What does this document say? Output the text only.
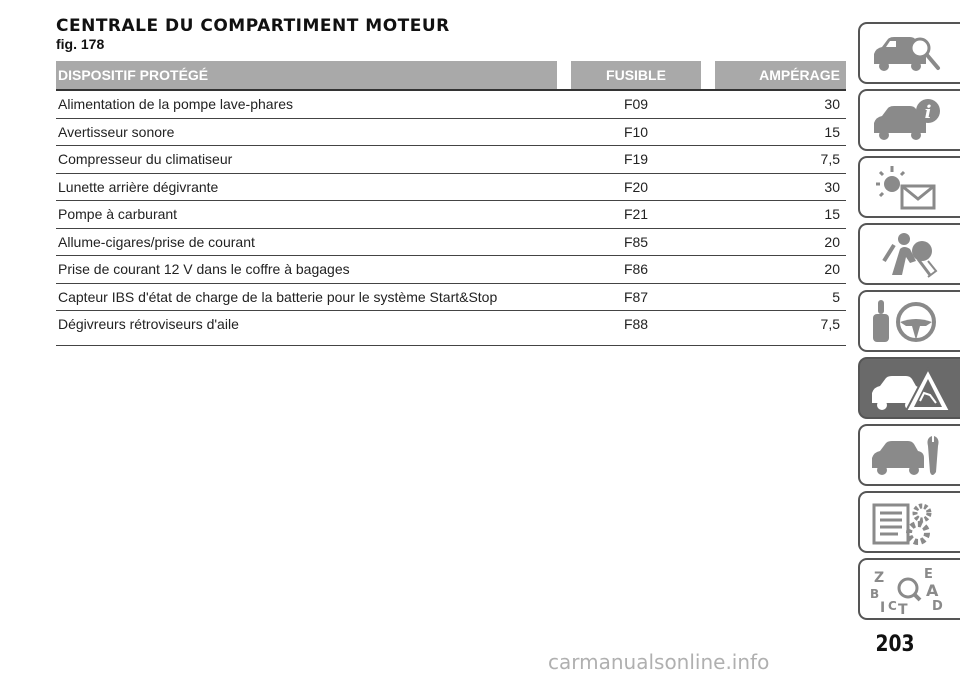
CENTRALE DU COMPARTIMENT MOTEUR
fig. 178
DISPOSITIF PROTÉGÉ	FUSIBLE	AMPÉRAGE
Alimentation de la pompe lave-phares	F09	30
Avertisseur sonore	F10	15
Compresseur du climatiseur	F19	7,5
Lunette arrière dégivrante	F20	30
Pompe à carburant	F21	15
Allume-cigares/prise de courant	F85	20
Prise de courant 12 V dans le coffre à bagages	F86	20
Capteur IBS d'état de charge de la batterie pour le système Start&Stop	F87	5
Dégivreurs rétroviseurs d'aile	F88	7,5
i
Z
B
I C T
E
A
D
203
carmanualsonline.info
